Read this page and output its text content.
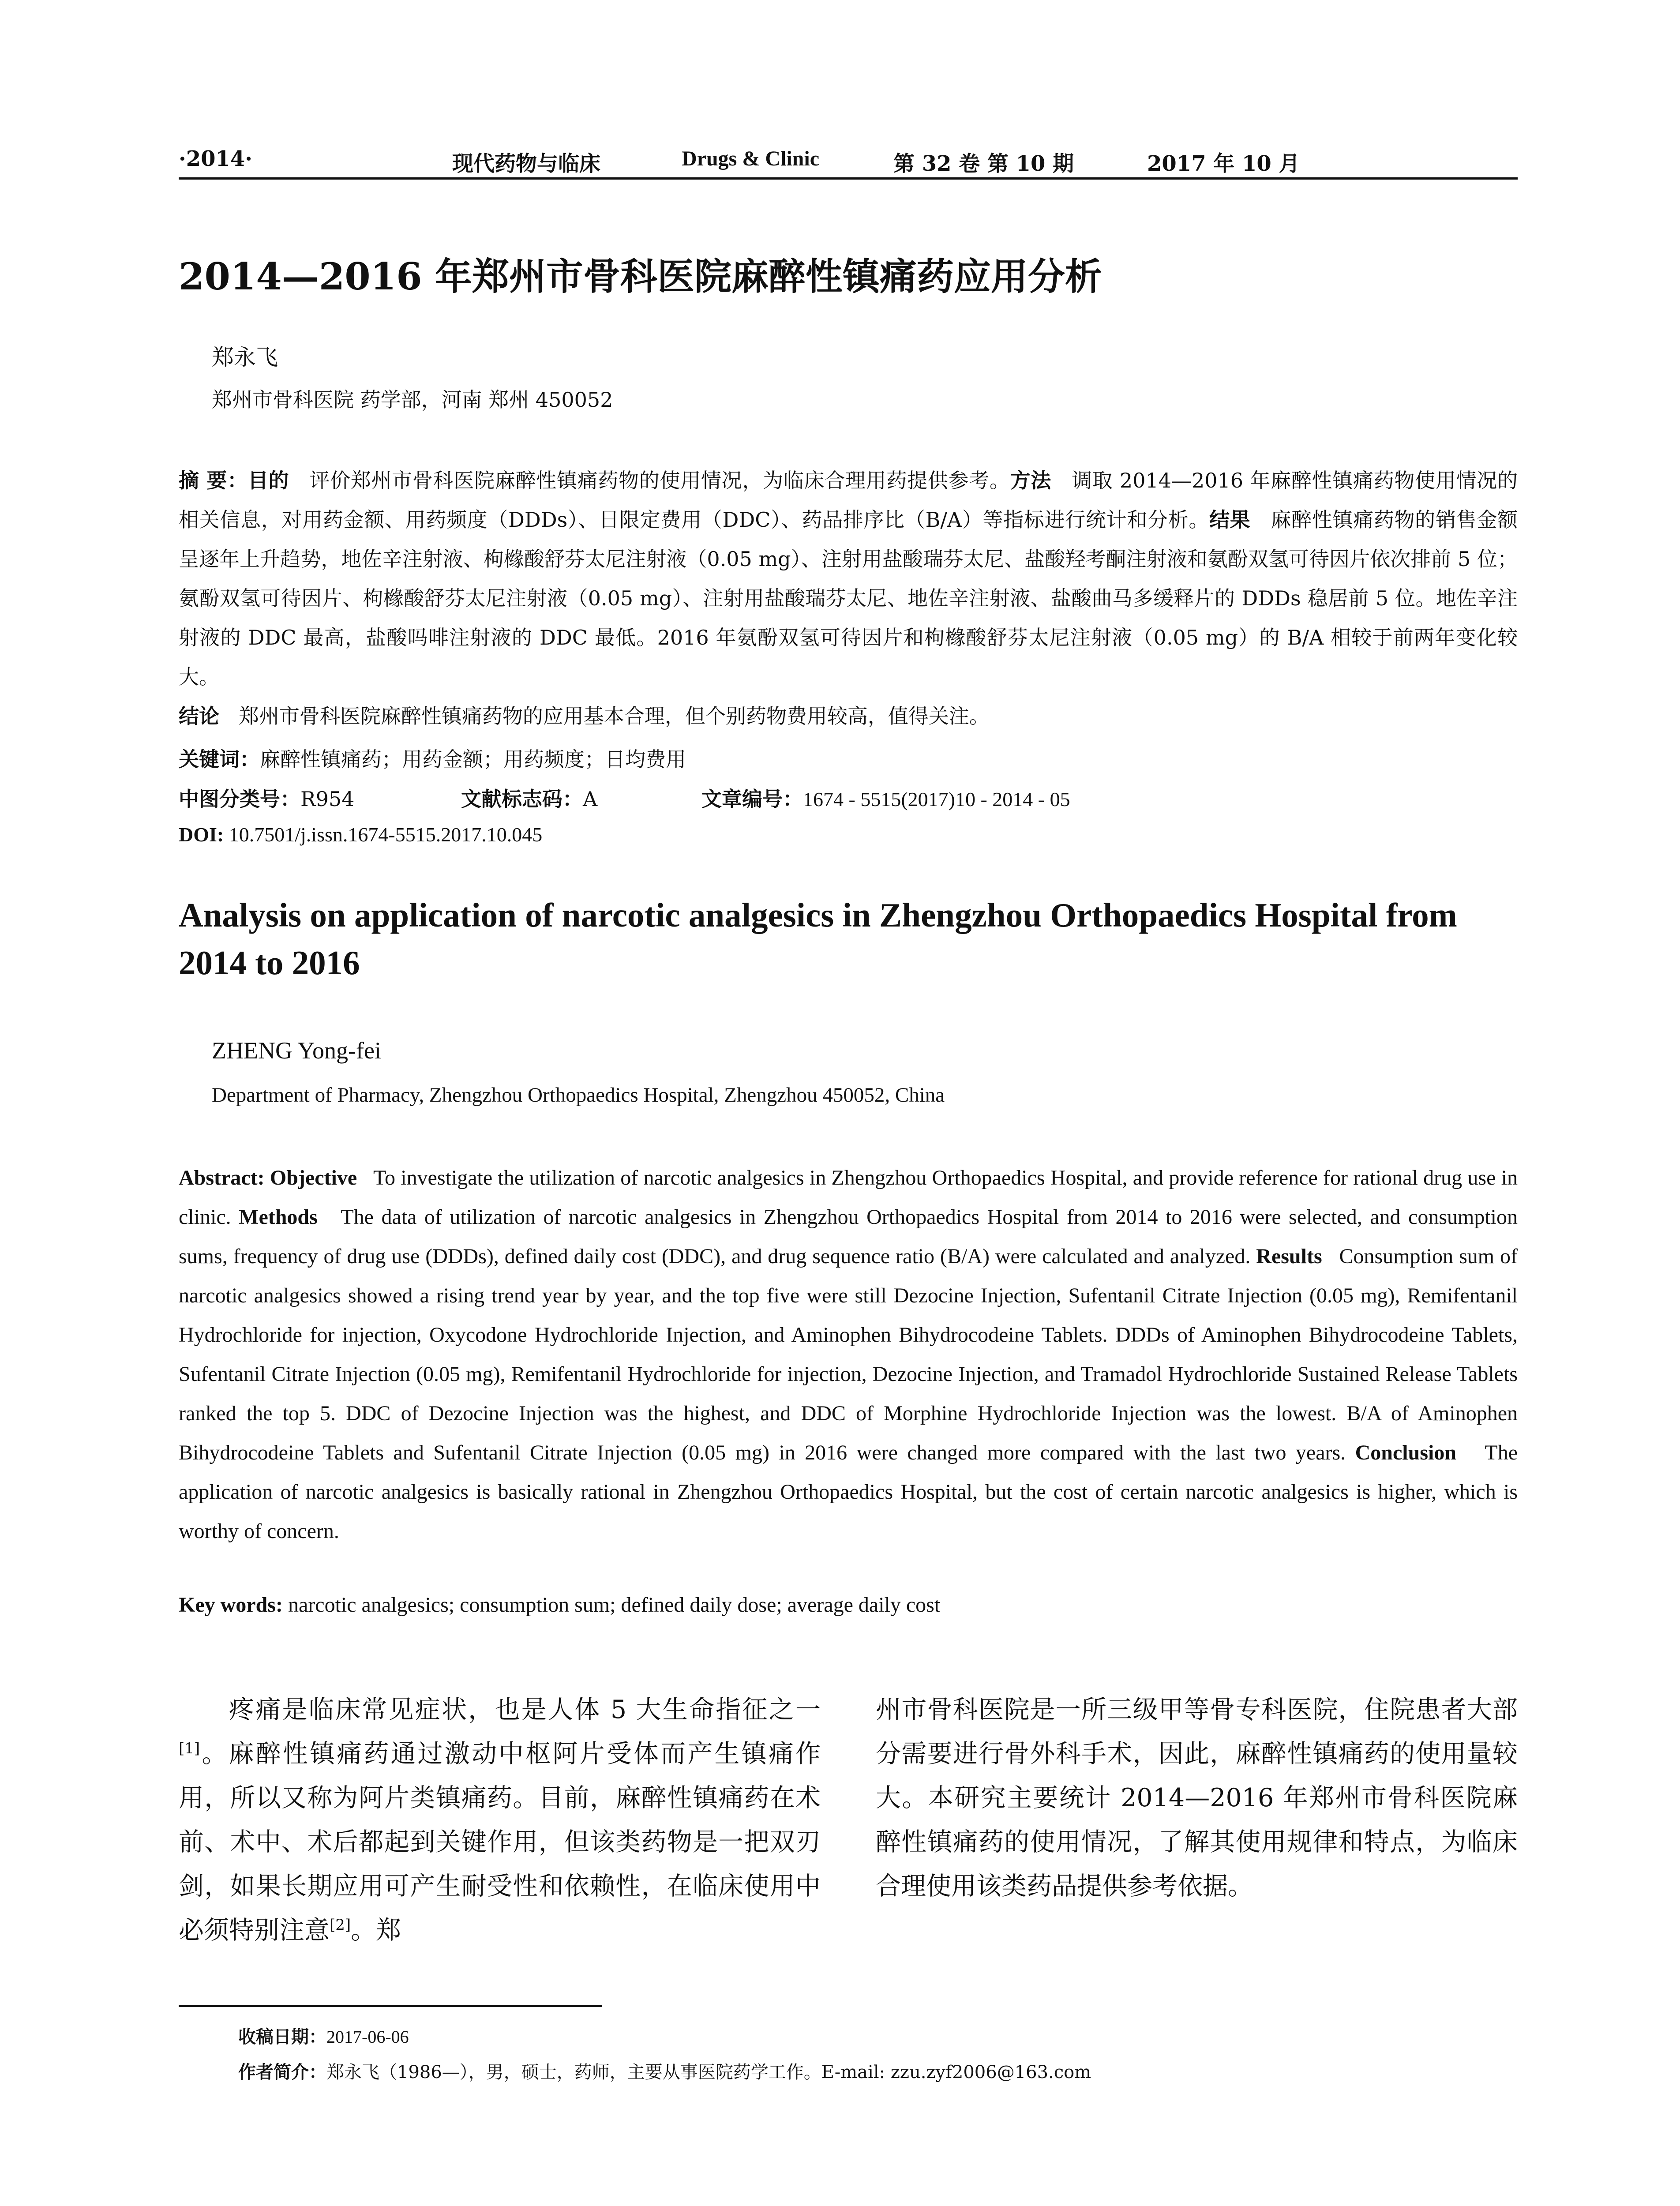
·2014·	现代药物与临床	Drugs & Clinic	第 32 卷 第 10 期	2017 年 10 月
2014—2016 年郑州市骨科医院麻醉性镇痛药应用分析
郑永飞
郑州市骨科医院 药学部，河南 郑州 450052
摘 要：目的 评价郑州市骨科医院麻醉性镇痛药物的使用情况，为临床合理用药提供参考。方法 调取 2014—2016 年麻醉性镇痛药物使用情况的相关信息，对用药金额、用药频度（DDDs）、日限定费用（DDC）、药品排序比（B/A）等指标进行统计和分析。结果 麻醉性镇痛药物的销售金额呈逐年上升趋势，地佐辛注射液、枸橼酸舒芬太尼注射液（0.05 mg）、注射用盐酸瑞芬太尼、盐酸羟考酮注射液和氨酚双氢可待因片依次排前 5 位；氨酚双氢可待因片、枸橼酸舒芬太尼注射液（0.05 mg）、注射用盐酸瑞芬太尼、地佐辛注射液、盐酸曲马多缓释片的 DDDs 稳居前 5 位。地佐辛注射液的 DDC 最高，盐酸吗啡注射液的 DDC 最低。2016 年氨酚双氢可待因片和枸橼酸舒芬太尼注射液（0.05 mg）的 B/A 相较于前两年变化较大。
结论 郑州市骨科医院麻醉性镇痛药物的应用基本合理，但个别药物费用较高，值得关注。
关键词：麻醉性镇痛药；用药金额；用药频度；日均费用
中图分类号：R954	文献标志码：A	文章编号：1674 - 5515(2017)10 - 2014 - 05
DOI: 10.7501/j.issn.1674-5515.2017.10.045
Analysis on application of narcotic analgesics in Zhengzhou Orthopaedics Hospital from 2014 to 2016
ZHENG Yong-fei
Department of Pharmacy, Zhengzhou Orthopaedics Hospital, Zhengzhou 450052, China
Abstract: Objective To investigate the utilization of narcotic analgesics in Zhengzhou Orthopaedics Hospital, and provide reference for rational drug use in clinic. Methods The data of utilization of narcotic analgesics in Zhengzhou Orthopaedics Hospital from 2014 to 2016 were selected, and consumption sums, frequency of drug use (DDDs), defined daily cost (DDC), and drug sequence ratio (B/A) were calculated and analyzed. Results Consumption sum of narcotic analgesics showed a rising trend year by year, and the top five were still Dezocine Injection, Sufentanil Citrate Injection (0.05 mg), Remifentanil Hydrochloride for injection, Oxycodone Hydrochloride Injection, and Aminophen Bihydrocodeine Tablets. DDDs of Aminophen Bihydrocodeine Tablets, Sufentanil Citrate Injection (0.05 mg), Remifentanil Hydrochloride for injection, Dezocine Injection, and Tramadol Hydrochloride Sustained Release Tablets ranked the top 5. DDC of Dezocine Injection was the highest, and DDC of Morphine Hydrochloride Injection was the lowest. B/A of Aminophen Bihydrocodeine Tablets and Sufentanil Citrate Injection (0.05 mg) in 2016 were changed more compared with the last two years. Conclusion The application of narcotic analgesics is basically rational in Zhengzhou Orthopaedics Hospital, but the cost of certain narcotic analgesics is higher, which is worthy of concern.
Key words: narcotic analgesics; consumption sum; defined daily dose; average daily cost
疼痛是临床常见症状，也是人体 5 大生命指征之一[1]。麻醉性镇痛药通过激动中枢阿片受体而产生镇痛作用，所以又称为阿片类镇痛药。目前，麻醉性镇痛药在术前、术中、术后都起到关键作用，但该类药物是一把双刃剑，如果长期应用可产生耐受性和依赖性，在临床使用中必须特别注意[2]。郑
州市骨科医院是一所三级甲等骨专科医院，住院患者大部分需要进行骨外科手术，因此，麻醉性镇痛药的使用量较大。本研究主要统计 2014—2016 年郑州市骨科医院麻醉性镇痛药的使用情况，了解其使用规律和特点，为临床合理使用该类药品提供参考依据。
收稿日期：2017-06-06
作者简介：郑永飞（1986—），男，硕士，药师，主要从事医院药学工作。E-mail: zzu.zyf2006@163.com
